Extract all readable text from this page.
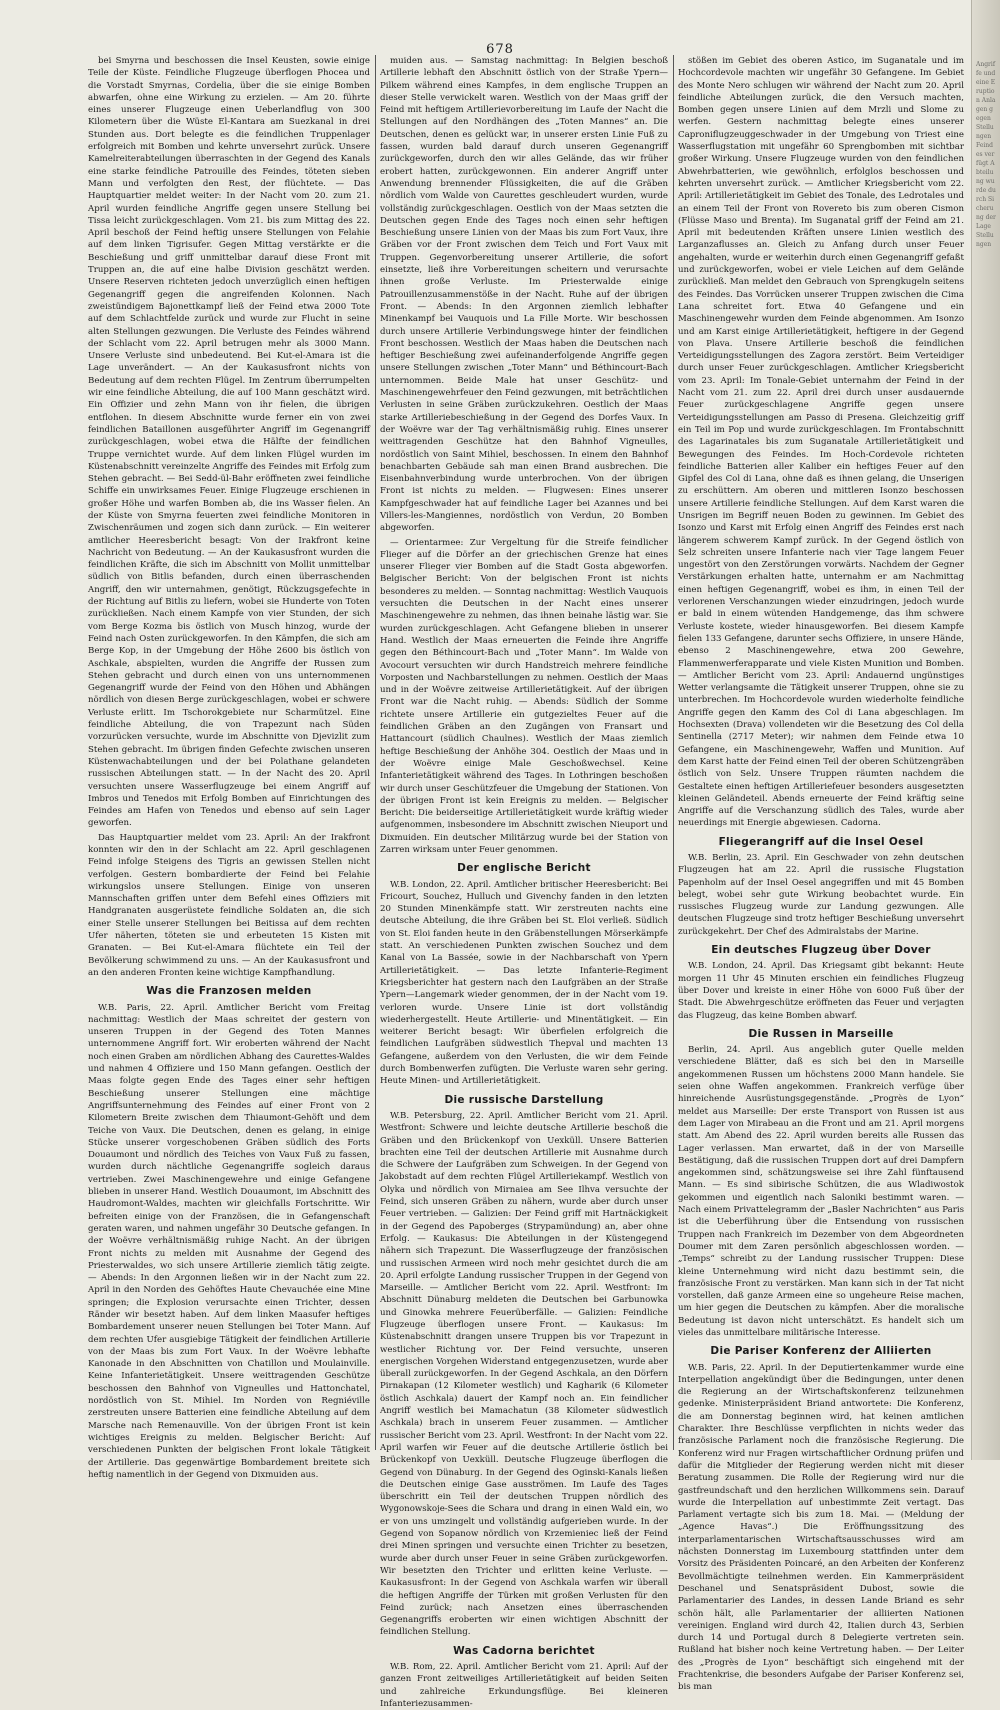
678

bei Smyrna und beschossen die Insel Keusten, sowie einige Teile der Küste. Feindliche Flugzeuge überflogen Phocea und die Vorstadt Smyrnas, Cordelia, über die sie einige Bomben abwarfen, ohne eine Wirkung zu erzielen. — Am 20. führte eines unserer Flugzeuge einen Ueberlandflug von 300 Kilometern über die Wüste El-Kantara am Suezkanal in drei Stunden aus. Dort belegte es die feindlichen Truppenlager erfolgreich mit Bomben und kehrte unversehrt zurück. Unsere Kamelreiterabteilungen überraschten in der Gegend des Kanals eine starke feindliche Patrouille des Feindes, töteten sieben Mann und verfolgten den Rest, der flüchtete. — Das Hauptquartier meldet weiter: In der Nacht vom 20. zum 21. April wurden feindliche Angriffe gegen unsere Stellung bei Tissa leicht zurückgeschlagen. Vom 21. bis zum Mittag des 22. April beschoß der Feind heftig unsere Stellungen von Felahie auf dem linken Tigrisufer. Gegen Mittag verstärkte er die Beschießung und griff unmittelbar darauf diese Front mit Truppen an, die auf eine halbe Division geschätzt werden. Unsere Reserven richteten jedoch unverzüglich einen heftigen Gegenangriff gegen die angreifenden Kolonnen. Nach zweistündigem Bajonettkampf ließ der Feind etwa 2000 Tote auf dem Schlachtfelde zurück und wurde zur Flucht in seine alten Stellungen gezwungen. Die Verluste des Feindes während der Schlacht vom 22. April betrugen mehr als 3000 Mann. Unsere Verluste sind unbedeutend. Bei Kut-el-Amara ist die Lage unverändert. — An der Kaukasusfront nichts von Bedeutung auf dem rechten Flügel. Im Zentrum überrumpelten wir eine feindliche Abteilung, die auf 100 Mann geschätzt wird. Ein Offizier und zehn Mann von ihr fielen, die übrigen entflohen. In diesem Abschnitte wurde ferner ein von zwei feindlichen Bataillonen ausgeführter Angriff im Gegenangriff zurückgeschlagen, wobei etwa die Hälfte der feindlichen Truppe vernichtet wurde. Auf dem linken Flügel wurden im Küstenabschnitt vereinzelte Angriffe des Feindes mit Erfolg zum Stehen gebracht. — Bei Sedd-ül-Bahr eröffneten zwei feindliche Schiffe ein unwirksames Feuer. Einige Flugzeuge erschienen in großer Höhe und warfen Bomben ab, die ins Wasser fielen. An der Küste von Smyrna feuerten zwei feindliche Monitoren in Zwischenräumen und zogen sich dann zurück. — Ein weiterer amtlicher Heeresbericht besagt: Von der Irakfront keine Nachricht von Bedeutung. — An der Kaukasusfront wurden die feindlichen Kräfte, die sich im Abschnitt von Mollit unmittelbar südlich von Bitlis befanden, durch einen überraschenden Angriff, den wir unternahmen, genötigt, Rückzugsgefechte in der Richtung auf Bitlis zu liefern, wobei sie Hunderte von Toten zurückließen. Nach einem Kampfe von vier Stunden, der sich vom Berge Kozma bis östlich von Musch hinzog, wurde der Feind nach Osten zurückgeworfen. In den Kämpfen, die sich am Berge Kop, in der Umgebung der Höhe 2600 bis östlich von Aschkale, abspielten, wurden die Angriffe der Russen zum Stehen gebracht und durch einen von uns unternommenen Gegenangriff wurde der Feind von den Höhen und Abhängen nördlich von diesen Berge zurückgeschlagen, wobei er schwere Verluste erlitt. Im Tschorokgebiete nur Scharmützel. Eine feindliche Abteilung, die von Trapezunt nach Süden vorzurücken versuchte, wurde im Abschnitte von Djevizlit zum Stehen gebracht. Im übrigen finden Gefechte zwischen unseren Küstenwachabteilungen und der bei Polathane gelandeten russischen Abteilungen statt. — In der Nacht des 20. April versuchten unsere Wasserflugzeuge bei einem Angriff auf Imbros und Tenedos mit Erfolg Bomben auf Einrichtungen des Feindes am Hafen von Tenedos und ebenso auf sein Lager geworfen.

Das Hauptquartier meldet vom 23. April: An der Irakfront konnten wir den in der Schlacht am 22. April geschlagenen Feind infolge Steigens des Tigris an gewissen Stellen nicht verfolgen. Gestern bombardierte der Feind bei Felahie wirkungslos unsere Stellungen. Einige von unseren Mannschaften griffen unter dem Befehl eines Offiziers mit Handgranaten ausgerüstete feindliche Soldaten an, die sich einer Stelle unserer Stellungen bei Beitissa auf dem rechten Ufer näherten, töteten sie und erbeuteten 15 Kisten mit Granaten. — Bei Kut-el-Amara flüchtete ein Teil der Bevölkerung schwimmend zu uns. — An der Kaukasusfront und an den anderen Fronten keine wichtige Kampfhandlung.

Was die Franzosen melden

W.B. Paris, 22. April. Amtlicher Bericht vom Freitag nachmittag: Westlich der Maas schreitet der gestern von unseren Truppen in der Gegend des Toten Mannes unternommene Angriff fort. Wir eroberten während der Nacht noch einen Graben am nördlichen Abhang des Caurettes-Waldes und nahmen 4 Offiziere und 150 Mann gefangen. Oestlich der Maas folgte gegen Ende des Tages einer sehr heftigen Beschießung unserer Stellungen eine mächtige Angriffsunternehmung des Feindes auf einer Front von 2 Kilometern Breite zwischen dem Thiaumont-Gehöft und dem Teiche von Vaux. Die Deutschen, denen es gelang, in einige Stücke unserer vorgeschobenen Gräben südlich des Forts Douaumont und nördlich des Teiches von Vaux Fuß zu fassen, wurden durch nächtliche Gegenangriffe sogleich daraus vertrieben. Zwei Maschinengewehre und einige Gefangene blieben in unserer Hand. Westlich Douaumont, im Abschnitt des Haudromont-Waldes, machten wir gleichfalls Fortschritte. Wir befreiten einige von der Französen, die in Gefangenschaft geraten waren, und nahmen ungefähr 30 Deutsche gefangen. In der Woëvre verhältnismäßig ruhige Nacht. An der übrigen Front nichts zu melden mit Ausnahme der Gegend des Priesterwaldes, wo sich unsere Artillerie ziemlich tätig zeigte. — Abends: In den Argonnen ließen wir in der Nacht zum 22. April in den Norden des Gehöftes Haute Chevauchée eine Mine springen; die Explosion verursachte einen Trichter, dessen Ränder wir besetzt haben. Auf dem linken Maasufer heftiges Bombardement unserer neuen Stellungen bei Toter Mann. Auf dem rechten Ufer ausgiebige Tätigkeit der feindlichen Artillerie von der Maas bis zum Fort Vaux. In der Woëvre lebhafte Kanonade in den Abschnitten von Chatillon und Moulainville. Keine Infanterietätigkeit. Unsere weittragenden Geschütze beschossen den Bahnhof von Vigneulles und Hattonchatel, nordöstlich von St. Mihiel. Im Norden von Regniéville zerstreuten unsere Batterien eine feindliche Abteilung auf dem Marsche nach Remenauville. Von der übrigen Front ist kein wichtiges Ereignis zu melden. Belgischer Bericht: Auf verschiedenen Punkten der belgischen Front lokale Tätigkeit der Artillerie. Das gegenwärtige Bombardement breitete sich heftig namentlich in der Gegend von Dixmuiden aus.

muiden aus. — Samstag nachmittag: In Belgien beschoß Artillerie lebhaft den Abschnitt östlich von der Straße Ypern—Pilkem während eines Kampfes, in dem englische Truppen an dieser Stelle verwickelt waren. Westlich von der Maas griff der Feind mit heftigem Artillerievorbereitung im Laufe der Nacht die Stellungen auf den Nordhängen des „Toten Mannes“ an. Die Deutschen, denen es gelückt war, in unserer ersten Linie Fuß zu fassen, wurden bald darauf durch unseren Gegenangriff zurückgeworfen, durch den wir alles Gelände, das wir früher erobert hatten, zurückgewonnen. Ein anderer Angriff unter Anwendung brennender Flüssigkeiten, die auf die Gräben nördlich vom Walde von Caurettes geschleudert wurden, wurde vollständig zurückgeschlagen. Oestlich von der Maas setzten die Deutschen gegen Ende des Tages noch einen sehr heftigen Beschießung unsere Linien von der Maas bis zum Fort Vaux, ihre Gräben vor der Front zwischen dem Teich und Fort Vaux mit Truppen. Gegenvorbereitung unserer Artillerie, die sofort einsetzte, ließ ihre Vorbereitungen scheitern und verursachte ihnen große Verluste. Im Priesterwalde einige Patrouillenzusammenstöße in der Nacht. Ruhe auf der übrigen Front. — Abends: In den Argonnen ziemlich lebhafter Minenkampf bei Vauquois und La Fille Morte. Wir beschossen durch unsere Artillerie Verbindungswege hinter der feindlichen Front beschossen. Westlich der Maas haben die Deutschen nach heftiger Beschießung zwei aufeinanderfolgende Angriffe gegen unsere Stellungen zwischen „Toter Mann“ und Béthincourt-Bach unternommen. Beide Male hat unser Geschütz- und Maschinengewehrfeuer den Feind gezwungen, mit beträchtlichen Verlusten in seine Gräben zurückzukehren. Oestlich der Maas starke Artilleriebeschießung in der Gegend des Dorfes Vaux. In der Woëvre war der Tag verhältnismäßig ruhig. Eines unserer weittragenden Geschütze hat den Bahnhof Vigneulles, nordöstlich von Saint Mihiel, beschossen. In einem den Bahnhof benachbarten Gebäude sah man einen Brand ausbrechen. Die Eisenbahnverbindung wurde unterbrochen. Von der übrigen Front ist nichts zu melden. — Flugwesen: Eines unserer Kampfgeschwader hat auf feindliche Lager bei Azannes und bei Villers-les-Mangiennes, nordöstlich von Verdun, 20 Bomben abgeworfen.

— Orientarmee: Zur Vergeltung für die Streife feindlicher Flieger auf die Dörfer an der griechischen Grenze hat eines unserer Flieger vier Bomben auf die Stadt Gosta abgeworfen. Belgischer Bericht: Von der belgischen Front ist nichts besonderes zu melden. — Sonntag nachmittag: Westlich Vauquois versuchten die Deutschen in der Nacht eines unserer Maschinengewehre zu nehmen, das ihnen beinahe lästig war. Sie wurden zurückgeschlagen. Acht Gefangene blieben in unserer Hand. Westlich der Maas erneuerten die Feinde ihre Angriffe gegen den Béthincourt-Bach und „Toter Mann“. Im Walde von Avocourt versuchten wir durch Handstreich mehrere feindliche Vorposten und Nachbarstellungen zu nehmen. Oestlich der Maas und in der Woëvre zeitweise Artillerietätigkeit. Auf der übrigen Front war die Nacht ruhig. — Abends: Südlich der Somme richtete unsere Artillerie ein gutgezieltes Feuer auf die feindlichen Gräben an den Zugängen von Fransart und Hattancourt (südlich Chaulnes). Westlich der Maas ziemlich heftige Beschießung der Anhöhe 304. Oestlich der Maas und in der Woëvre einige Male Geschoßwechsel. Keine Infanterietätigkeit während des Tages. In Lothringen beschoßen wir durch unser Geschützfeuer die Umgebung der Stationen. Von der übrigen Front ist kein Ereignis zu melden. — Belgischer Bericht: Die beiderseitige Artillerietätigkeit wurde kräftig wieder aufgenommen, insbesondere im Abschnitt zwischen Nieuport und Dixmuiden. Ein deutscher Militärzug wurde bei der Station von Zarren wirksam unter Feuer genommen.

Der englische Bericht

W.B. London, 22. April. Amtlicher britischer Heeresbericht: Bei Fricourt, Souchez, Hulluch und Givenchy fanden in den letzten 20 Stunden Minenkämpfe statt. Wir zerstreuten nachts eine deutsche Abteilung, die ihre Gräben bei St. Eloi verließ. Südlich von St. Eloi fanden heute in den Gräbenstellungen Mörserkämpfe statt. An verschiedenen Punkten zwischen Souchez und dem Kanal von La Bassée, sowie in der Nachbarschaft von Ypern Artillerietätigkeit. — Das letzte Infanterie-Regiment Kriegsberichter hat gestern nach den Laufgräben an der Straße Ypern—Langemark wieder genommen, der in der Nacht vom 19. verloren wurde. Unsere Linie ist dort vollständig wiederhergestellt. Heute Artillerie- und Minentätigkeit. — Ein weiterer Bericht besagt: Wir überfielen erfolgreich die feindlichen Laufgräben südwestlich Thepval und machten 13 Gefangene, außerdem von den Verlusten, die wir dem Feinde durch Bombenwerfen zufügten. Die Verluste waren sehr gering. Heute Minen- und Artillerietätigkeit.

Die russische Darstellung

W.B. Petersburg, 22. April. Amtlicher Bericht vom 21. April. Westfront: Schwere und leichte deutsche Artillerie beschoß die Gräben und den Brückenkopf von Uexküll. Unsere Batterien brachten eine Teil der deutschen Artillerie mit Ausnahme durch die Schwere der Laufgräben zum Schweigen. In der Gegend von Jakobstadt auf dem rechten Flügel Artilleriekampf. Westlich von Olyka und nördlich von Mirnaiea am See Ilhva versuchte der Feind, sich unseren Gräben zu nähern, wurde aber durch unser Feuer vertrieben. — Galizien: Der Feind griff mit Hartnäckigkeit in der Gegend des Papoberges (Strypamündung) an, aber ohne Erfolg. — Kaukasus: Die Abteilungen in der Küstengegend nähern sich Trapezunt. Die Wasserflugzeuge der französischen und russischen Armeen wird noch mehr gesichtet durch die am 20. April erfolgte Landung russischer Truppen in der Gegend von Marseille. — Amtlicher Bericht vom 22. April. Westfront: Im Abschnitt Dünaburg meldeten die Deutschen bei Garbunowka und Ginowka mehrere Feuerüberfälle. — Galizien: Feindliche Flugzeuge überflogen unsere Front. — Kaukasus: Im Küstenabschnitt drangen unsere Truppen bis vor Trapezunt in westlicher Richtung vor. Der Feind versuchte, unseren energischen Vorgehen Widerstand entgegenzusetzen, wurde aber überall zurückgeworfen. In der Gegend Aschkala, an den Dörfern Pirnakapan (12 Kilometer westlich) und Kagharik (6 Kilometer östlich Aschkala) dauert der Kampf noch an. Ein feindlicher Angriff westlich bei Mamachatun (38 Kilometer südwestlich Aschkala) brach in unserem Feuer zusammen. — Amtlicher russischer Bericht vom 23. April. Westfront: In der Nacht vom 22. April warfen wir Feuer auf die deutsche Artillerie östlich bei Brückenkopf von Uexküll. Deutsche Flugzeuge überflogen die Gegend von Dünaburg. In der Gegend des Oginski-Kanals ließen die Deutschen einige Gase ausströmen. Im Laufe des Tages überschritt ein Teil der deutschen Truppen nördlich des Wygonowskoje-Sees die Schara und drang in einen Wald ein, wo er von uns umzingelt und vollständig aufgerieben wurde. In der Gegend von Sopanow nördlich von Krzemieniec ließ der Feind drei Minen springen und versuchte einen Trichter zu besetzen, wurde aber durch unser Feuer in seine Gräben zurückgeworfen. Wir besetzten den Trichter und erlitten keine Verluste. — Kaukasusfront: In der Gegend von Aschkala warfen wir überall die heftigen Angriffe der Türken mit großen Verlusten für den Feind zurück; nach Ansetzen eines überraschenden Gegenangriffs eroberten wir einen wichtigen Abschnitt der feindlichen Stellung.

Was Cadorna berichtet

W.B. Rom, 22. April. Amtlicher Bericht vom 21. April: Auf der ganzen Front zeitweiliges Artillerietätigkeit auf beiden Seiten und zahlreiche Erkundungsflüge. Bei kleineren Infanteriezusammen-

stößen im Gebiet des oberen Astico, im Suganatale und im Hochcordevole machten wir ungefähr 30 Gefangene. Im Gebiet des Monte Nero schlugen wir während der Nacht zum 20. April feindliche Abteilungen zurück, die den Versuch machten, Bomben gegen unsere Linien auf dem Mrzli und Slome zu werfen. Gestern nachmittag belegte eines unserer Caproniflugzeuggeschwader in der Umgebung von Triest eine Wasserflugstation mit ungefähr 60 Sprengbomben mit sichtbar großer Wirkung. Unsere Flugzeuge wurden von den feindlichen Abwehrbatterien, wie gewöhnlich, erfolglos beschossen und kehrten unversehrt zurück. — Amtlicher Kriegsbericht vom 22. April: Artillerietätigkeit im Gebiet des Tonale, des Ledrotales und an einem Teil der Front von Rovereto bis zum oberen Cismon (Flüsse Maso und Brenta). Im Suganatal griff der Feind am 21. April mit bedeutenden Kräften unsere Linien westlich des Larganzaflusses an. Gleich zu Anfang durch unser Feuer angehalten, wurde er weiterhin durch einen Gegenangriff gefaßt und zurückgeworfen, wobei er viele Leichen auf dem Gelände zurückließ. Man meldet den Gebrauch von Sprengkugeln seitens des Feindes. Das Vorrücken unserer Truppen zwischen die Cima Lana schreitet fort. Etwa 40 Gefangene und ein Maschinengewehr wurden dem Feinde abgenommen. Am Isonzo und am Karst einige Artillerietätigkeit, heftigere in der Gegend von Plava. Unsere Artillerie beschoß die feindlichen Verteidigungsstellungen des Zagora zerstört. Beim Verteidiger durch unser Feuer zurückgeschlagen. Amtlicher Kriegsbericht vom 23. April: Im Tonale-Gebiet unternahm der Feind in der Nacht vom 21. zum 22. April drei durch unser ausdauernde Feuer zurückgeschlagene Angriffe gegen unsere Verteidigungsstellungen am Passo di Presena. Gleichzeitig griff ein Teil im Pop und wurde zurückgeschlagen. Im Frontabschnitt des Lagarinatales bis zum Suganatale Artillerietätigkeit und Bewegungen des Feindes. Im Hoch-Cordevole richteten feindliche Batterien aller Kaliber ein heftiges Feuer auf den Gipfel des Col di Lana, ohne daß es ihnen gelang, die Unserigen zu erschüttern. Am oberen und mittleren Isonzo beschossen unsere Artillerie feindliche Stellungen. Auf dem Karst waren die Unsrigen im Begriff neuen Boden zu gewinnen. Im Gebiet des Isonzo und Karst mit Erfolg einen Angriff des Feindes erst nach längerem schwerem Kampf zurück. In der Gegend östlich von Selz schreiten unsere Infanterie nach vier Tage langem Feuer ungestört von den Zerstörungen vorwärts. Nachdem der Gegner Verstärkungen erhalten hatte, unternahm er am Nachmittag einen heftigen Gegenangriff, wobei es ihm, in einen Teil der verlorenen Verschanzungen wieder einzudringen, jedoch wurde er bald in einem wütenden Handgemenge, das ihm schwere Verluste kostete, wieder hinausgeworfen. Bei diesem Kampfe fielen 133 Gefangene, darunter sechs Offiziere, in unsere Hände, ebenso 2 Maschinengewehre, etwa 200 Gewehre, Flammenwerferapparate und viele Kisten Munition und Bomben. — Amtlicher Bericht vom 23. April: Andauernd ungünstiges Wetter verlangsamte die Tätigkeit unserer Truppen, ohne sie zu unterbrechen. Im Hochcordevole wurden wiederholte feindliche Angriffe gegen den Kamm des Col di Lana abgeschlagen. Im Hochsexten (Drava) vollendeten wir die Besetzung des Col della Sentinella (2717 Meter); wir nahmen dem Feinde etwa 10 Gefangene, ein Maschinengewehr, Waffen und Munition. Auf dem Karst hatte der Feind einen Teil der oberen Schützengräben östlich von Selz. Unsere Truppen räumten nachdem die Gestaltete einen heftigen Artilleriefeuer besonders ausgesetzten kleinen Geländeteil. Abends erneuerte der Feind kräftig seine Angriffe auf die Verschanzung südlich des Tales, wurde aber neuerdings mit Energie abgewiesen. Cadorna.

Fliegerangriff auf die Insel Oesel

W.B. Berlin, 23. April. Ein Geschwader von zehn deutschen Flugzeugen hat am 22. April die russische Flugstation Papenholm auf der Insel Oesel angegriffen und mit 45 Bomben belegt, wobei sehr gute Wirkung beobachtet wurde. Ein russisches Flugzeug wurde zur Landung gezwungen. Alle deutschen Flugzeuge sind trotz heftiger Beschießung unversehrt zurückgekehrt. Der Chef des Admiralstabs der Marine.

Ein deutsches Flugzeug über Dover

W.B. London, 24. April. Das Kriegsamt gibt bekannt: Heute morgen 11 Uhr 45 Minuten erschien ein feindliches Flugzeug über Dover und kreiste in einer Höhe von 6000 Fuß über der Stadt. Die Abwehrgeschütze eröffneten das Feuer und verjagten das Flugzeug, das keine Bomben abwarf.

Die Russen in Marseille

Berlin, 24. April. Aus angeblich guter Quelle melden verschiedene Blätter, daß es sich bei den in Marseille angekommenen Russen um höchstens 2000 Mann handele. Sie seien ohne Waffen angekommen. Frankreich verfüge über hinreichende Ausrüstungsgegenstände. „Progrès de Lyon“ meldet aus Marseille: Der erste Transport von Russen ist aus dem Lager von Mirabeau an die Front und am 21. April morgens statt. Am Abend des 22. April wurden bereits alle Russen das Lager verlassen. Man erwartet, daß in der von Marseille Bestätigung, daß die russischen Truppen dort auf drei Dampfern angekommen sind, schätzungsweise sei ihre Zahl fünftausend Mann. — Es sind sibirische Schützen, die aus Wladiwostok gekommen und eigentlich nach Saloniki bestimmt waren. — Nach einem Privattelegramm der „Basler Nachrichten“ aus Paris ist die Ueberführung über die Entsendung von russischen Truppen nach Frankreich im Dezember von dem Abgeordneten Doumer mit dem Zaren persönlich abgeschlossen worden. — „Temps“ schreibt zu der Landung russischer Truppen: Diese kleine Unternehmung wird nicht dazu bestimmt sein, die französische Front zu verstärken. Man kann sich in der Tat nicht vorstellen, daß ganze Armeen eine so ungeheure Reise machen, um hier gegen die Deutschen zu kämpfen. Aber die moralische Bedeutung ist davon nicht unterschätzt. Es handelt sich um vieles das unmittelbare militärische Interesse.

Die Pariser Konferenz der Alliierten

W.B. Paris, 22. April. In der Deputiertenkammer wurde eine Interpellation angekündigt über die Bedingungen, unter denen die Regierung an der Wirtschaftskonferenz teilzunehmen gedenke. Ministerpräsident Briand antwortete: Die Konferenz, die am Donnerstag beginnen wird, hat keinen amtlichen Charakter. Ihre Beschlüsse verpflichten in nichts weder das französische Parlament noch die französische Regierung. Die Konferenz wird nur Fragen wirtschaftlicher Ordnung prüfen und dafür die Mitglieder der Regierung werden nicht mit dieser Beratung zusammen. Die Rolle der Regierung wird nur die gastfreundschaft und den herzlichen Willkommens sein. Darauf wurde die Interpellation auf unbestimmte Zeit vertagt. Das Parlament vertagte sich bis zum 18. Mai. — (Meldung der „Agence Havas“.) Die Eröffnungssitzung des interparlamentarischen Wirtschaftsausschusses wird am nächsten Donnerstag im Luxembourg stattfinden unter dem Vorsitz des Präsidenten Poincaré, an den Arbeiten der Konferenz Bevollmächtigte teilnehmen werden. Ein Kammerpräsident Deschanel und Senatspräsident Dubost, sowie die Parlamentarier des Landes, in dessen Lande Briand es sehr schön hält, alle Parlamentarier der alliierten Nationen vereinigen. England wird durch 42, Italien durch 43, Serbien durch 14 und Portugal durch 8 Delegierte vertreten sein. Rußland hat bisher noch keine Vertretung haben. — Der Leiter des „Progrès de Lyon“ beschäftigt sich eingehend mit der Frachtenkrise, die besonders Aufgabe der Pariser Konferenz sei, bis man

Angriffe und eine Eruption Anlagen gegen Stellungen Feindes verfügt Abteilung wurde durch Sicherung der Lage Stellungen
